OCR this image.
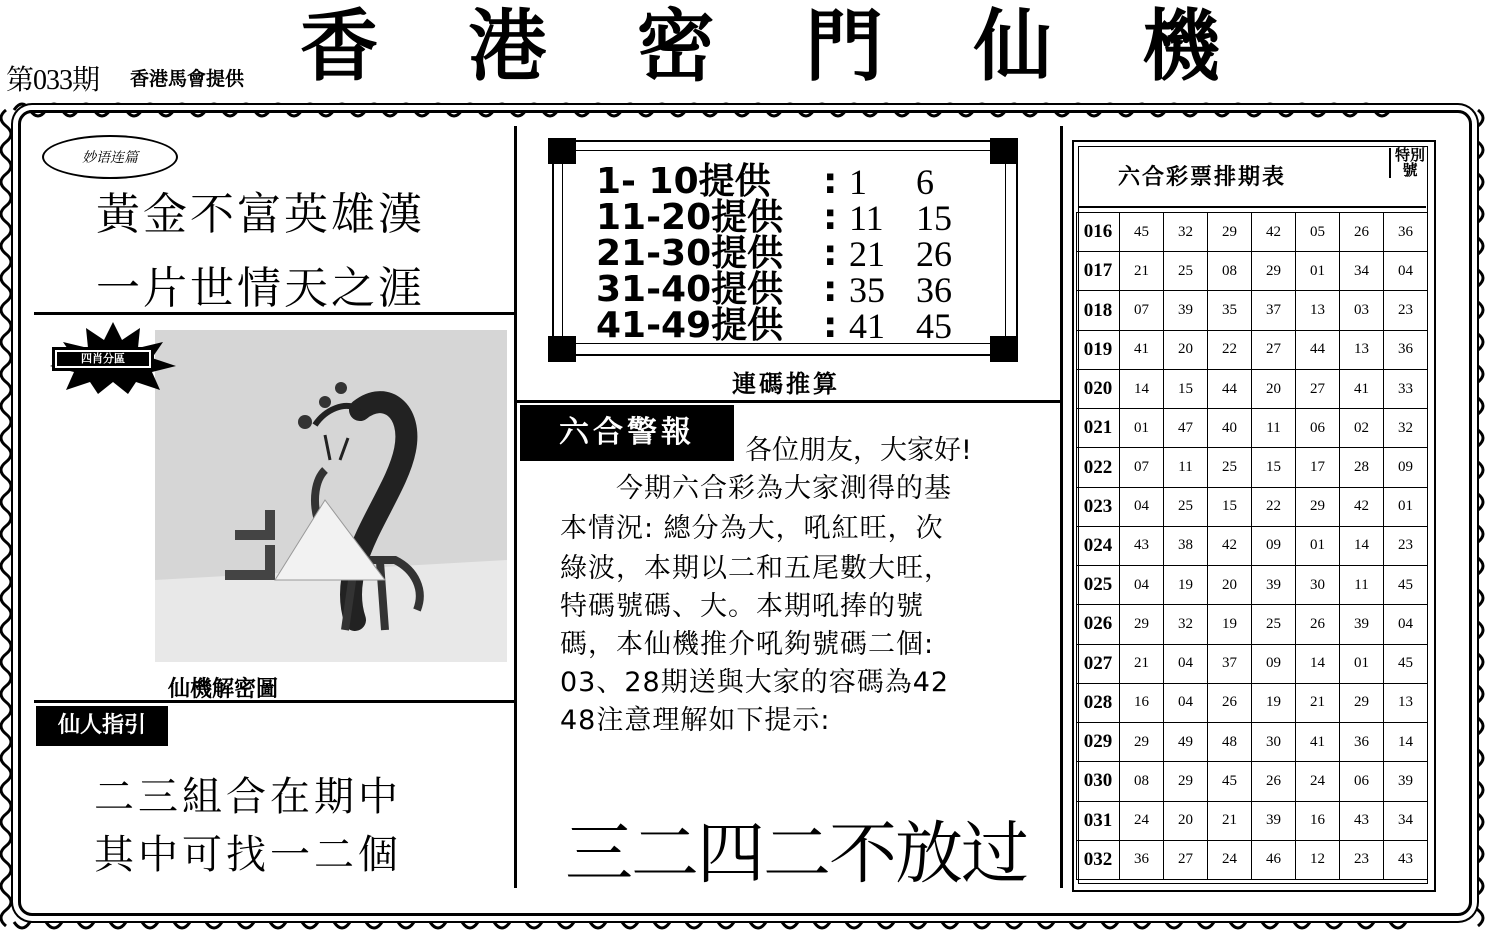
第033期 香港馬會提供 香 港 密 門 仙 機
妙语连篇
黃金不富英雄漢
一片世情天之涯
四肖分區
仙機解密圖
仙人指引
二三組合在期中
其中可找一二個
1- 10提供 : 1 6
11-20提供 : 11 15
21-30提供 : 21 26
31-40提供 : 35 36
41-49提供 : 41 45
連碼推算
六合警報
各位朋友，大家好!
今期六合彩為大家測得的基
本情況: 總分為大，吼紅旺，次
綠波，本期以二和五尾數大旺，
特碼號碼、大。本期吼捧的號
碼，本仙機推介吼夠號碼二個:
03、28期送與大家的容碼為42
48注意理解如下提示:
三二四二不放过
六合彩票排期表
特別號
016	45	32	29	42	05	26	36
017	21	25	08	29	01	34	04
018	07	39	35	37	13	03	23
019	41	20	22	27	44	13	36
020	14	15	44	20	27	41	33
021	01	47	40	11	06	02	32
022	07	11	25	15	17	28	09
023	04	25	15	22	29	42	01
024	43	38	42	09	01	14	23
025	04	19	20	39	30	11	45
026	29	32	19	25	26	39	04
027	21	04	37	09	14	01	45
028	16	04	26	19	21	29	13
029	29	49	48	30	41	36	14
030	08	29	45	26	24	06	39
031	24	20	21	39	16	43	34
032	36	27	24	46	12	23	43
